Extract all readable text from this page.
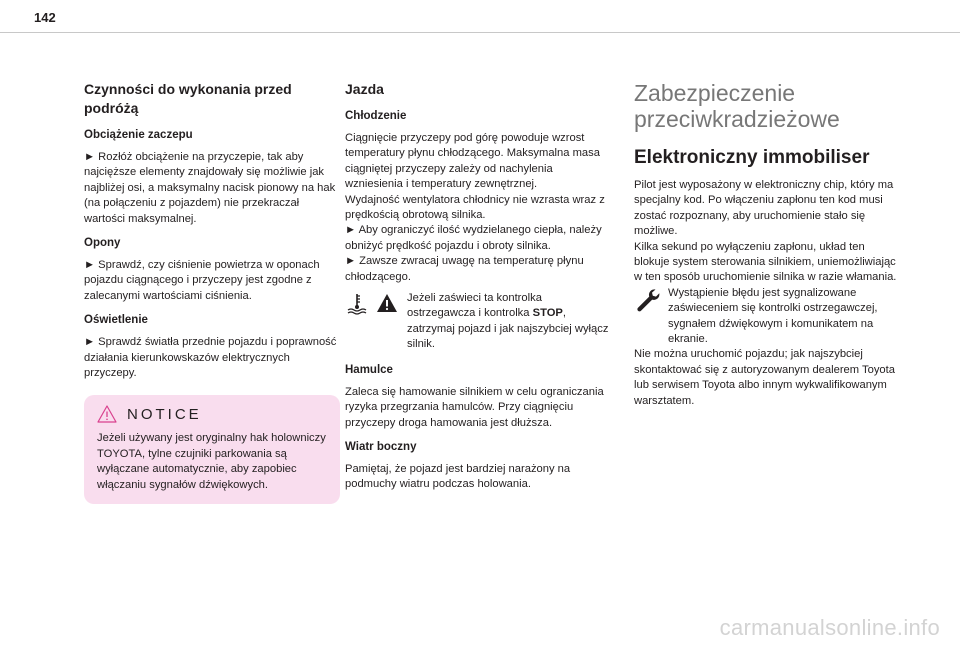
142
Czynności do wykonania przed podróżą
Obciążenie zaczepu

► Rozłóż obciążenie na przyczepie, tak aby najcięższe elementy znajdowały się możliwie jak najbliżej osi, a maksymalny nacisk pionowy na hak (na połączeniu z pojazdem) nie przekraczał wartości maksymalnej.

Opony

► Sprawdź, czy ciśnienie powietrza w oponach pojazdu ciągnącego i przyczepy jest zgodne z zalecanymi wartościami ciśnienia.

Oświetlenie

► Sprawdź światła przednie pojazdu i poprawność działania kierunkowskazów elektrycznych przyczepy.

NOTICE
Jeżeli używany jest oryginalny hak holowniczy TOYOTA, tylne czujniki parkowania są wyłączane automatycznie, aby zapobiec włączaniu sygnałów dźwiękowych.
Jazda
Chłodzenie

Ciągnięcie przyczepy pod górę powoduje wzrost temperatury płynu chłodzącego. Maksymalna masa ciągniętej przyczepy zależy od nachylenia wzniesienia i temperatury zewnętrznej.

Wydajność wentylatora chłodnicy nie wzrasta wraz z prędkością obrotową silnika.

► Aby ograniczyć ilość wydzielanego ciepła, należy obniżyć prędkość pojazdu i obroty silnika.

► Zawsze zwracaj uwagę na temperaturę płynu chłodzącego.

Jeżeli zaświeci ta kontrolka ostrzegawcza i kontrolka STOP, zatrzymaj pojazd i jak najszybciej wyłącz silnik.
Hamulce

Zaleca się hamowanie silnikiem w celu ograniczania ryzyka przegrzania hamulców. Przy ciągnięciu przyczepy droga hamowania jest dłuższa.

Wiatr boczny

Pamiętaj, że pojazd jest bardziej narażony na podmuchy wiatru podczas holowania.

Zabezpieczenie przeciwkradzieżowe
Elektroniczny immobiliser

Pilot jest wyposażony w elektroniczny chip, który ma specjalny kod. Po włączeniu zapłonu ten kod musi zostać rozpoznany, aby uruchomienie stało się możliwe.

Kilka sekund po wyłączeniu zapłonu, układ ten blokuje system sterowania silnikiem, uniemożliwiając w ten sposób uruchomienie silnika w razie włamania.

Wystąpienie błędu jest sygnalizowane zaświeceniem się kontrolki ostrzegawczej, sygnałem dźwiękowym i komunikatem na ekranie.

Nie można uruchomić pojazdu; jak najszybciej skontaktować się z autoryzowanym dealerem Toyota lub serwisem Toyota albo innym wykwalifikowanym warsztatem.

carmanualsonline.info
